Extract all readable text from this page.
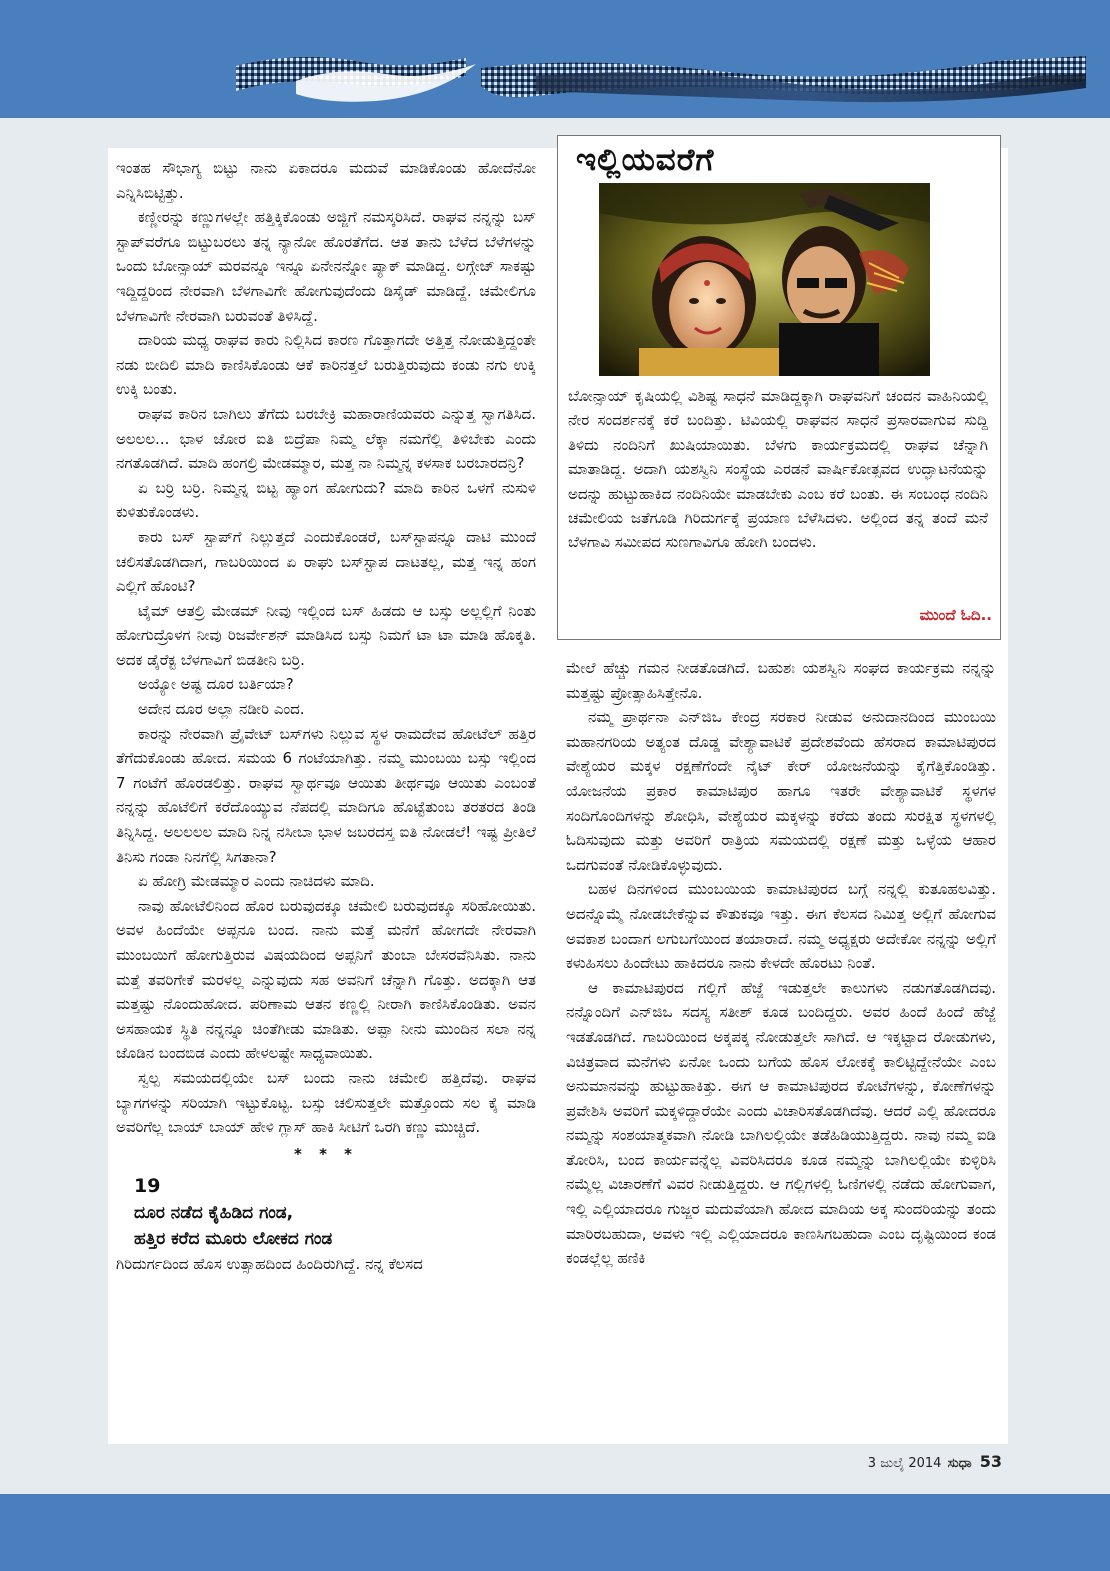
ಇಂತಹ ಸೌಭಾಗ್ಯ ಬಿಟ್ಟು ನಾನು ಏಕಾದರೂ ಮದುವೆ ಮಾಡಿಕೊಂಡು ಹೋದೆನೋ ಎನ್ನಿಸಿಬಿಟ್ಟಿತ್ತು.

ಕಣ್ಣೀರನ್ನು ಕಣ್ಣುಗಳಲ್ಲೇ ಹತ್ತಿಕ್ಕಿಕೊಂಡು ಅಜ್ಜಿಗೆ ನಮಸ್ಕರಿಸಿದೆ. ರಾಘವ ನನ್ನನ್ನು ಬಸ್ ಸ್ಟಾಪ್‌ವರೆಗೂ ಬಿಟ್ಟುಬರಲು ತನ್ನ ನ್ಯಾನೋ ಹೊರತೆಗೆದ. ಆತ ತಾನು ಬೆಳೆದ ಬೆಳೆಗಳನ್ನು ಒಂದು ಬೋನ್ಸಾಯ್ ಮರವನ್ನೂ ಇನ್ನೂ ಏನೇನನ್ನೋ ಪ್ಯಾಕ್ ಮಾಡಿದ್ದ. ಲಗ್ಗೇಜ್ ಸಾಕಷ್ಟು ಇದ್ದಿದ್ದರಿಂದ ನೇರವಾಗಿ ಬೆಳಗಾವಿಗೇ ಹೋಗುವುದೆಂದು ಡಿಸೈಡ್ ಮಾಡಿದ್ದೆ. ಚಮೇಲಿಗೂ ಬೆಳಗಾವಿಗೇ ನೇರವಾಗಿ ಬರುವಂತೆ ತಿಳಿಸಿದ್ದೆ.

ದಾರಿಯ ಮಧ್ಯ ರಾಘವ ಕಾರು ನಿಲ್ಲಿಸಿದ ಕಾರಣ ಗೊತ್ತಾಗದೇ ಅತ್ತಿತ್ತ ನೋಡುತ್ತಿದ್ದಂತೇ ನಡು ಬೀದಿಲಿ ಮಾದಿ ಕಾಣಿಸಿಕೊಂಡು ಆಕೆ ಕಾರಿನತ್ತಲೆ ಬರುತ್ತಿರುವುದು ಕಂಡು ನಗು ಉಕ್ಕಿ ಉಕ್ಕಿ ಬಂತು.

ರಾಘವ ಕಾರಿನ ಬಾಗಿಲು ತೆಗೆದು ಬರಬೇಕ್ರಿ ಮಹಾರಾಣಿಯವರು ಎನ್ನುತ್ತ ಸ್ವಾಗತಿಸಿದ. ಅಲಲಲ... ಭಾಳ ಜೋರ ಐತಿ ಬಿದ್ರೆಪಾ ನಿಮ್ಮ ಲೆಕ್ಕಾ ನಮಗೆಲ್ಲಿ ತಿಳಿಬೇಕು ಎಂದು ನಗತೊಡಗಿದೆ. ಮಾದಿ ಹಂಗಲ್ರಿ ಮೇಡಮ್ಮಾರ, ಮತ್ತ ನಾ ನಿಮ್ಮನ್ನ ಕಳಸಾಕ ಬರಬಾರದನ್ರಿ?

ಏ ಬರ್ರಿ ಬರ್ರಿ. ನಿಮ್ಮನ್ನ ಬಿಟ್ಟ ಹ್ಯಾಂಗ ಹೋಗುದು? ಮಾದಿ ಕಾರಿನ ಒಳಗೆ ನುಸುಳಿ ಕುಳಿತುಕೊಂಡಳು.

ಕಾರು ಬಸ್ ಸ್ಟಾಪ್‌ಗೆ ನಿಲ್ಲುತ್ತದೆ ಎಂದುಕೊಂಡರೆ, ಬಸ್‌ಸ್ಟಾಪನ್ನೂ ದಾಟಿ ಮುಂದೆ ಚಲಿಸತೊಡಗಿದಾಗ, ಗಾಬರಿಯಿಂದ ಏ ರಾಘು ಬಸ್‌ಸ್ಟಾಪ ದಾಟತಲ್ಲ, ಮತ್ತ ಇನ್ನ ಹಂಗ ಎಲ್ಲಿಗೆ ಹೊಂಟಿ?

ಟೈಮ್ ಆತಲ್ರಿ ಮೇಡಮ್ ನೀವು ಇಲ್ಲಿಂದ ಬಸ್ ಹಿಡದು ಆ ಬಸ್ಸು ಅಲ್ಲಲ್ಲಿಗೆ ನಿಂತು ಹೋಗುದ್ರೊಳಗ ನೀವು ರಿಜರ್ವೇಶನ್ ಮಾಡಿಸಿದ ಬಸ್ಸು ನಿಮಗೆ ಟಾ ಟಾ ಮಾಡಿ ಹೊಕ್ಕತಿ. ಅದಕ ಡೈರೆಕ್ಟ ಬೆಳಗಾವಿಗೆ ಬಿಡತೀನಿ ಬರ್ರಿ.

ಅಯ್ಯೋ ಅಷ್ಟ ದೂರ ಬರ್ತಿಯಾ?

ಅದೇನ ದೂರ ಅಲ್ಲಾ ನಡೀರಿ ಎಂದ.

ಕಾರನ್ನು ನೇರವಾಗಿ ಪ್ರೈವೇಟ್ ಬಸ್‌ಗಳು ನಿಲ್ಲುವ ಸ್ಥಳ ರಾಮದೇವ ಹೋಟೆಲ್ ಹತ್ತಿರ ತೆಗೆದುಕೊಂಡು ಹೋದ. ಸಮಯ 6 ಗಂಟೆಯಾಗಿತ್ತು. ನಮ್ಮ ಮುಂಬಯಿ ಬಸ್ಸು ಇಲ್ಲಿಂದ 7 ಗಂಟೆಗೆ ಹೊರಡಲಿತ್ತು. ರಾಘವ ಸ್ವಾರ್ಥವೂ ಆಯಿತು ತೀರ್ಥವೂ ಆಯಿತು ಎಂಬಂತೆ ನನ್ನನ್ನು ಹೊಟೆಲಿಗೆ ಕರೆದೊಯ್ಯುವ ನೆಪದಲ್ಲಿ ಮಾದಿಗೂ ಹೊಟ್ಟೆತುಂಬ ತರತರದ ತಿಂಡಿ ತಿನ್ನಿಸಿದ್ದ. ಅಲಲಲಲ ಮಾದಿ ನಿನ್ನ ನಸೀಬಾ ಭಾಳ ಜಬರದಸ್ತ ಐತಿ ನೋಡಲೆ! ಇಷ್ಟ ಪ್ರೀತಿಲೆ ತಿನಿಸು ಗಂಡಾ ನಿನಗೆಲ್ಲಿ ಸಿಗತಾನಾ?

ಏ ಹೋಗ್ರಿ ಮೇಡಮ್ಮಾರ ಎಂದು ನಾಚಿದಳು ಮಾದಿ.

ನಾವು ಹೋಟೆಲಿನಿಂದ ಹೊರ ಬರುವುದಕ್ಕೂ ಚಮೇಲಿ ಬರುವುದಕ್ಕೂ ಸರಿಹೋಯಿತು. ಅವಳ ಹಿಂದೆಯೇ ಅಪ್ಪನೂ ಬಂದ. ನಾನು ಮತ್ತೆ ಮನೆಗೆ ಹೋಗದೇ ನೇರವಾಗಿ ಮುಂಬಯಿಗೆ ಹೋಗುತ್ತಿರುವ ವಿಷಯದಿಂದ ಅಪ್ಪನಿಗೆ ತುಂಬಾ ಬೇಸರವೆನಿಸಿತು. ನಾನು ಮತ್ತೆ ತವರಿಗೇಕೆ ಮರಳಲ್ಲ ಎನ್ನುವುದು ಸಹ ಅವನಿಗೆ ಚೆನ್ನಾಗಿ ಗೊತ್ತು. ಅದಕ್ಕಾಗಿ ಆತ ಮತ್ತಷ್ಟು ನೊಂದುಹೋದ. ಪರಿಣಾಮ ಆತನ ಕಣ್ಣಲ್ಲಿ ನೀರಾಗಿ ಕಾಣಿಸಿಕೊಂಡಿತು. ಅವನ ಅಸಹಾಯಕ ಸ್ಥಿತಿ ನನ್ನನ್ನೂ ಚಿಂತೆಗೀಡು ಮಾಡಿತು. ಅಪ್ಪಾ ನೀನು ಮುಂದಿನ ಸಲಾ ನನ್ನ ಜೊಡಿನ ಬಂದಬಿಡ ಎಂದು ಹೇಳಲಷ್ಟೇ ಸಾಧ್ಯವಾಯಿತು.

ಸ್ವಲ್ಪ ಸಮಯದಲ್ಲಿಯೇ ಬಸ್ ಬಂದು ನಾನು ಚಮೇಲಿ ಹತ್ತಿದೆವು. ರಾಘವ ಬ್ಯಾಗಗಳನ್ನು ಸರಿಯಾಗಿ ಇಟ್ಟುಕೊಟ್ಟ. ಬಸ್ಸು ಚಲಿಸುತ್ತಲೇ ಮತ್ತೊಂದು ಸಲ ಕೈ ಮಾಡಿ ಅವರಿಗೆಲ್ಲ ಬಾಯ್ ಬಾಯ್ ಹೇಳಿ ಗ್ಲಾಸ್ ಹಾಕಿ ಸೀಟಿಗೆ ಒರಗಿ ಕಣ್ಣು ಮುಚ್ಚಿದೆ.

* * *
19
ದೂರ ನಡೆದ ಕೈಹಿಡಿದ ಗಂಡ,
ಹತ್ತಿರ ಕರೆದ ಮೂರು ಲೋಕದ ಗಂಡ

ಗಿರಿದುರ್ಗದಿಂದ ಹೊಸ ಉತ್ಸಾಹದಿಂದ ಹಿಂದಿರುಗಿದ್ದೆ. ನನ್ನ ಕೆಲಸದ

ಇಲ್ಲಿಯವರೆಗೆ
ಬೋನ್ಸಾಯ್ ಕೃಷಿಯಲ್ಲಿ ವಿಶಿಷ್ಟ ಸಾಧನೆ ಮಾಡಿದ್ದಕ್ಕಾಗಿ ರಾಘವನಿಗೆ ಚಂದನ ವಾಹಿನಿಯಲ್ಲಿ ನೇರ ಸಂದರ್ಶನಕ್ಕೆ ಕರೆ ಬಂದಿತ್ತು. ಟಿವಿಯಲ್ಲಿ ರಾಘವನ ಸಾಧನೆ ಪ್ರಸಾರವಾಗುವ ಸುದ್ದಿ ತಿಳಿದು ನಂದಿನಿಗೆ ಖುಷಿಯಾಯಿತು. ಬೆಳಗು ಕಾರ್ಯಕ್ರಮದಲ್ಲಿ ರಾಘವ ಚೆನ್ನಾಗಿ ಮಾತಾಡಿದ್ದ. ಅದಾಗಿ ಯಶಸ್ವಿನಿ ಸಂಸ್ಥೆಯ ಎರಡನೆ ವಾರ್ಷಿಕೋತ್ಸವದ ಉದ್ಘಾಟನೆಯನ್ನು ಅದನ್ನು ಹುಟ್ಟುಹಾಕಿದ ನಂದಿನಿಯೇ ಮಾಡಬೇಕು ಎಂಬ ಕರೆ ಬಂತು. ಈ ಸಂಬಂಧ ನಂದಿನಿ ಚಮೇಲಿಯ ಜತೆಗೂಡಿ ಗಿರಿದುರ್ಗಕ್ಕೆ ಪ್ರಯಾಣ ಬೆಳೆಸಿದಳು. ಅಲ್ಲಿಂದ ತನ್ನ ತಂದೆ ಮನೆ ಬೆಳಗಾವಿ ಸಮೀಪದ ಸುಣಗಾವಿಗೂ ಹೋಗಿ ಬಂದಳು.
ಮುಂದೆ ಓದಿ..

ಮೇಲೆ ಹೆಚ್ಚು ಗಮನ ನೀಡತೊಡಗಿದೆ. ಬಹುಶಃ ಯಶಸ್ವಿನಿ ಸಂಘದ ಕಾರ್ಯಕ್ರಮ ನನ್ನನ್ನು ಮತ್ತಷ್ಟು ಪ್ರೋತ್ಸಾಹಿಸಿತ್ತೇನೊ.

ನಮ್ಮ ಪ್ರಾರ್ಥನಾ ಎನ್‌ಜಿಒ ಕೇಂದ್ರ ಸರಕಾರ ನೀಡುವ ಅನುದಾನದಿಂದ ಮುಂಬಯಿ ಮಹಾನಗರಿಯ ಅತ್ಯಂತ ದೊಡ್ಡ ವೇಶ್ಯಾವಾಟಿಕೆ ಪ್ರದೇಶವೆಂದು ಹೆಸರಾದ ಕಾಮಾಟಿಪುರದ ವೇಶ್ಯೆಯರ ಮಕ್ಕಳ ರಕ್ಷಣೆಗೆಂದೇ ನೈಟ್ ಕೇರ್ ಯೋಜನೆಯನ್ನು ಕೈಗೆತ್ತಿಕೊಂಡಿತ್ತು. ಯೋಜನೆಯ ಪ್ರಕಾರ ಕಾಮಾಟಿಪುರ ಹಾಗೂ ಇತರೇ ವೇಶ್ಯಾವಾಟಿಕೆ ಸ್ಥಳಗಳ ಸಂದಿಗೊಂದಿಗಳನ್ನು ಶೋಧಿಸಿ, ವೇಶ್ಯೆಯರ ಮಕ್ಕಳನ್ನು ಕರೆದು ತಂದು ಸುರಕ್ಷಿತ ಸ್ಥಳಗಳಲ್ಲಿ ಓದಿಸುವುದು ಮತ್ತು ಅವರಿಗೆ ರಾತ್ರಿಯ ಸಮಯದಲ್ಲಿ ರಕ್ಷಣೆ ಮತ್ತು ಒಳ್ಳೆಯ ಆಹಾರ ಒದಗುವಂತೆ ನೋಡಿಕೊಳ್ಳುವುದು.

ಬಹಳ ದಿನಗಳಿಂದ ಮುಂಬಯಿಯ ಕಾಮಾಟಿಪುರದ ಬಗ್ಗೆ ನನ್ನಲ್ಲಿ ಕುತೂಹಲವಿತ್ತು. ಅದನ್ನೊಮ್ಮೆ ನೋಡಬೇಕೆನ್ನುವ ಕೌತುಕವೂ ಇತ್ತು. ಈಗ ಕೆಲಸದ ನಿಮಿತ್ತ ಅಲ್ಲಿಗೆ ಹೋಗುವ ಅವಕಾಶ ಬಂದಾಗ ಲಗುಬಗೆಯಿಂದ ತಯಾರಾದೆ. ನಮ್ಮ ಅಧ್ಯಕ್ಷರು ಅದೇಕೋ ನನ್ನನ್ನು ಅಲ್ಲಿಗೆ ಕಳುಹಿಸಲು ಹಿಂದೇಟು ಹಾಕಿದರೂ ನಾನು ಕೇಳದೇ ಹೊರಟು ನಿಂತೆ.

ಆ ಕಾಮಾಟಿಪುರದ ಗಲ್ಲಿಗೆ ಹೆಜ್ಜೆ ಇಡುತ್ತಲೇ ಕಾಲುಗಳು ನಡುಗತೊಡಗಿದವು. ನನ್ನೊಂದಿಗೆ ಎನ್‌ಜಿಒ ಸದಸ್ಯ ಸತೀಶ್ ಕೂಡ ಬಂದಿದ್ದರು. ಅವರ ಹಿಂದೆ ಹಿಂದೆ ಹೆಜ್ಜೆ ಇಡತೊಡಗಿದೆ. ಗಾಬರಿಯಿಂದ ಅಕ್ಕಪಕ್ಕ ನೋಡುತ್ತಲೇ ಸಾಗಿದೆ. ಆ ಇಕ್ಕಟ್ಟಾದ ರೋಡುಗಳು, ವಿಚಿತ್ರವಾದ ಮನೆಗಳು ಏನೋ ಒಂದು ಬಗೆಯ ಹೊಸ ಲೋಕಕ್ಕೆ ಕಾಲಿಟ್ಟಿದ್ದೇನೆಯೇ ಎಂಬ ಅನುಮಾನವನ್ನು ಹುಟ್ಟುಹಾಕಿತ್ತು. ಈಗ ಆ ಕಾಮಾಟಿಪುರದ ಕೋಟೆಗಳನ್ನು, ಕೋಣೆಗಳನ್ನು ಪ್ರವೇಶಿಸಿ ಅವರಿಗೆ ಮಕ್ಕಳಿದ್ದಾರೆಯೇ ಎಂದು ವಿಚಾರಿಸತೊಡಗಿದೆವು. ಆದರೆ ಎಲ್ಲಿ ಹೋದರೂ ನಮ್ಮನ್ನು ಸಂಶಯಾತ್ಮಕವಾಗಿ ನೋಡಿ ಬಾಗಿಲಲ್ಲಿಯೇ ತಡೆಹಿಡಿಯುತ್ತಿದ್ದರು. ನಾವು ನಮ್ಮ ಐಡಿ ತೋರಿಸಿ, ಬಂದ ಕಾರ್ಯವನ್ನೆಲ್ಲ ವಿವರಿಸಿದರೂ ಕೂಡ ನಮ್ಮನ್ನು ಬಾಗಿಲಲ್ಲಿಯೇ ಕುಳ್ಳಿರಿಸಿ ನಮ್ಮೆಲ್ಲ ವಿಚಾರಣೆಗೆ ವಿವರ ನೀಡುತ್ತಿದ್ದರು. ಆ ಗಲ್ಲಿಗಳಲ್ಲಿ ಓಣಿಗಳಲ್ಲಿ ನಡೆದು ಹೋಗುವಾಗ, ಇಲ್ಲಿ ಎಲ್ಲಿಯಾದರೂ ಗುಜ್ಜರ ಮದುವೆಯಾಗಿ ಹೋದ ಮಾದಿಯ ಅಕ್ಕ ಸುಂದರಿಯನ್ನು ತಂದು ಮಾರಿರಬಹುದಾ, ಅವಳು ಇಲ್ಲಿ ಎಲ್ಲಿಯಾದರೂ ಕಾಣಸಿಗಬಹುದಾ ಎಂಬ ದೃಷ್ಟಿಯಿಂದ ಕಂಡ ಕಂಡಲ್ಲೆಲ್ಲ ಹಣಿಕಿ

3 ಜುಲೈ 2014 ಸುಧಾ 53
